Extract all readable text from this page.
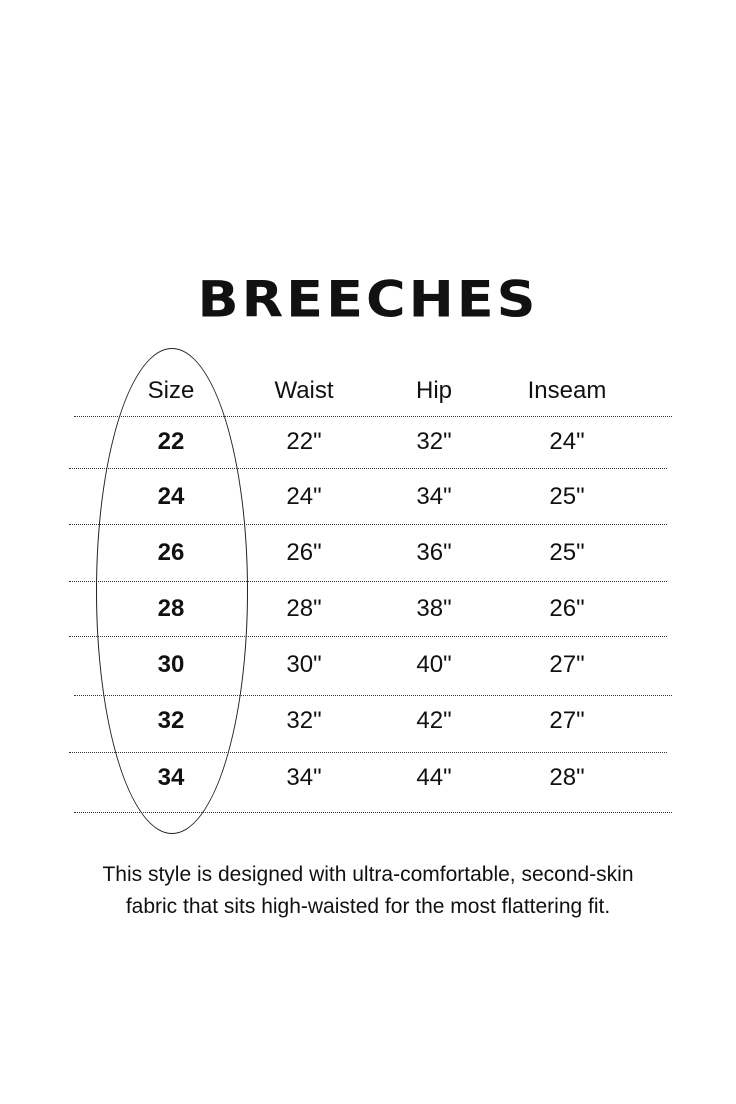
BREECHES
Size	Waist	Hip	Inseam
22	22"	32"	24"
24	24"	34"	25"
26	26"	36"	25"
28	28"	38"	26"
30	30"	40"	27"
32	32"	42"	27"
34	34"	44"	28"
This style is designed with ultra-comfortable, second-skin
fabric that sits high-waisted for the most flattering fit.
